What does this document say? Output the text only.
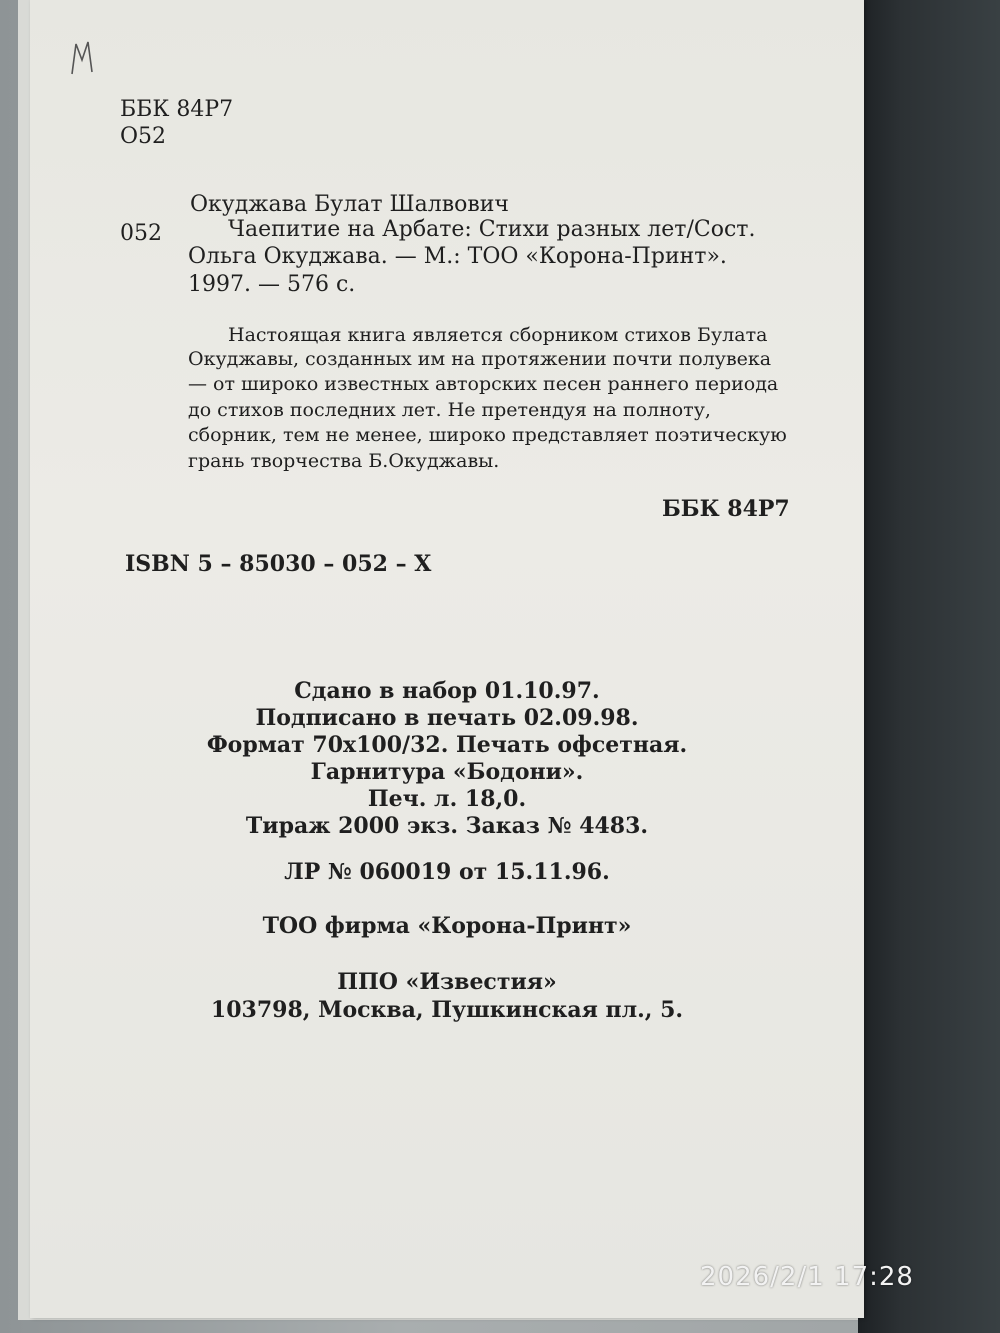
ББК 84Р7
О52
Окуджава Булат Шалвович
052	Чаепитие на Арбате: Стихи разных лет/Сост.
Ольга Окуджава. — М.: ТОО «Корона-Принт».
1997. — 576 с.
Настоящая книга является сборником стихов Булата
Окуджавы, созданных им на протяжении почти полувека
— от широко известных авторских песен раннего периода
до стихов последних лет. Не претендуя на полноту,
сборник, тем не менее, широко представляет поэтическую
грань творчества Б.Окуджавы.
ББК 84Р7
ISBN 5 – 85030 – 052 – X
Сдано в набор 01.10.97.
Подписано в печать 02.09.98.
Формат 70х100/32. Печать офсетная.
Гарнитура «Бодони».
Печ. л. 18,0.
Тираж 2000 экз. Заказ № 4483.
ЛР № 060019 от 15.11.96.
ТОО фирма «Корона-Принт»
ППО «Известия»
103798, Москва, Пушкинская пл., 5.
2026/2/1 17:28
